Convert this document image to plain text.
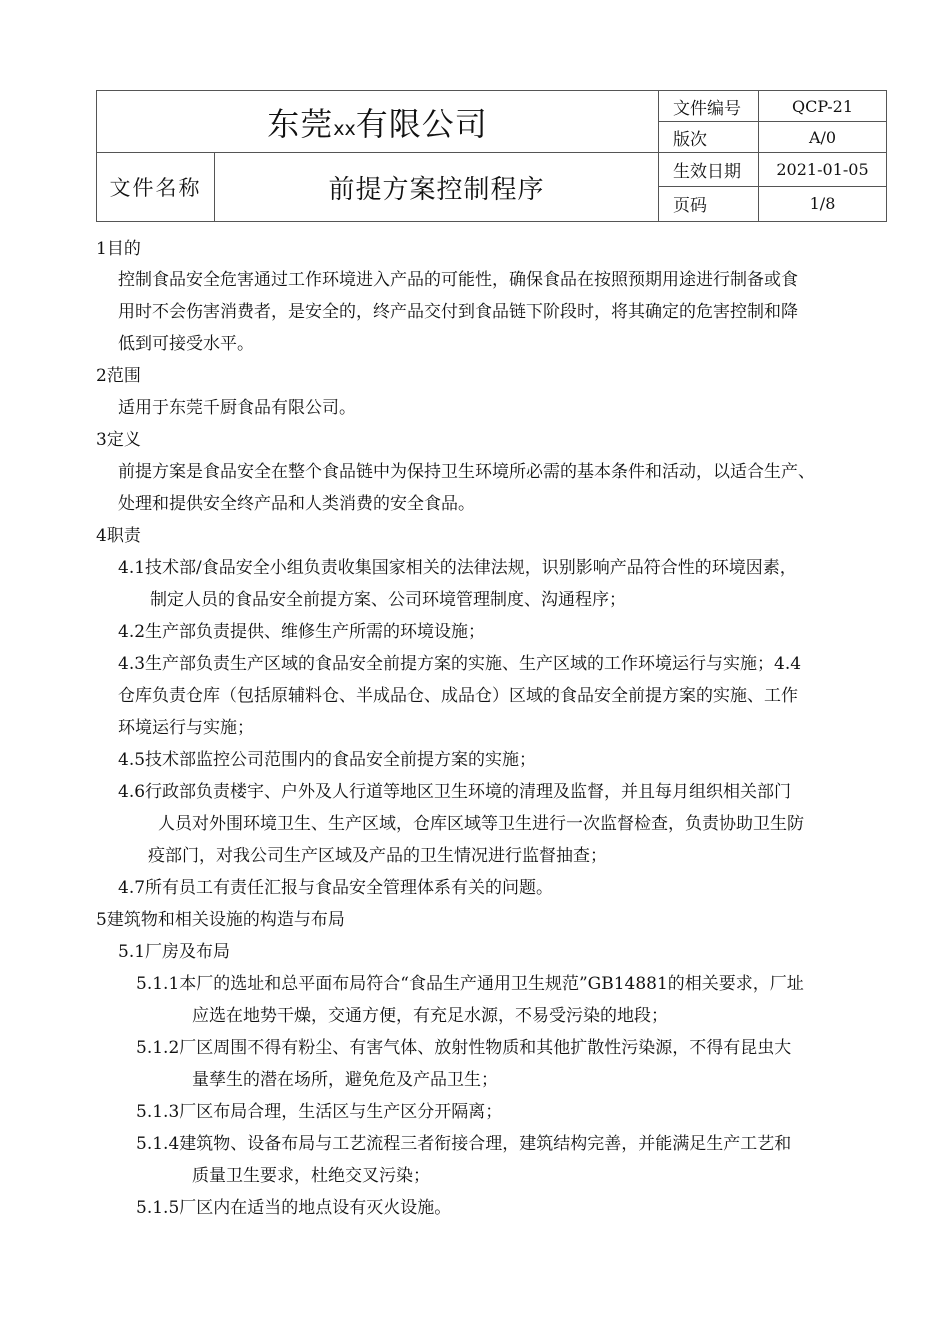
东莞xx有限公司		文件编号	QCP-21
		版次	A/0
文件名称	前提方案控制程序	生效日期	2021-01-05
		页码	1/8
1目的
控制食品安全危害通过工作环境进入产品的可能性，确保食品在按照预期用途进行制备或食
用时不会伤害消费者，是安全的，终产品交付到食品链下阶段时，将其确定的危害控制和降
低到可接受水平。
2范围
适用于东莞千厨食品有限公司。
3定义
前提方案是食品安全在整个食品链中为保持卫生环境所必需的基本条件和活动，以适合生产、
处理和提供安全终产品和人类消费的安全食品。
4职责
4.1技术部/食品安全小组负责收集国家相关的法律法规，识别影响产品符合性的环境因素，
制定人员的食品安全前提方案、公司环境管理制度、沟通程序；
4.2生产部负责提供、维修生产所需的环境设施；
4.3生产部负责生产区域的食品安全前提方案的实施、生产区域的工作环境运行与实施；4.4
仓库负责仓库（包括原辅料仓、半成品仓、成品仓）区域的食品安全前提方案的实施、工作
环境运行与实施；
4.5技术部监控公司范围内的食品安全前提方案的实施；
4.6行政部负责楼宇、户外及人行道等地区卫生环境的清理及监督，并且每月组织相关部门
人员对外围环境卫生、生产区域，仓库区域等卫生进行一次监督检查，负责协助卫生防
疫部门，对我公司生产区域及产品的卫生情况进行监督抽查；
4.7所有员工有责任汇报与食品安全管理体系有关的问题。
5建筑物和相关设施的构造与布局
5.1厂房及布局
5.1.1本厂的选址和总平面布局符合“食品生产通用卫生规范”GB14881的相关要求，厂址
应选在地势干燥，交通方便，有充足水源，不易受污染的地段；
5.1.2厂区周围不得有粉尘、有害气体、放射性物质和其他扩散性污染源，不得有昆虫大
量孳生的潜在场所，避免危及产品卫生；
5.1.3厂区布局合理，生活区与生产区分开隔离；
5.1.4建筑物、设备布局与工艺流程三者衔接合理，建筑结构完善，并能满足生产工艺和
质量卫生要求，杜绝交叉污染；
5.1.5厂区内在适当的地点设有灭火设施。
